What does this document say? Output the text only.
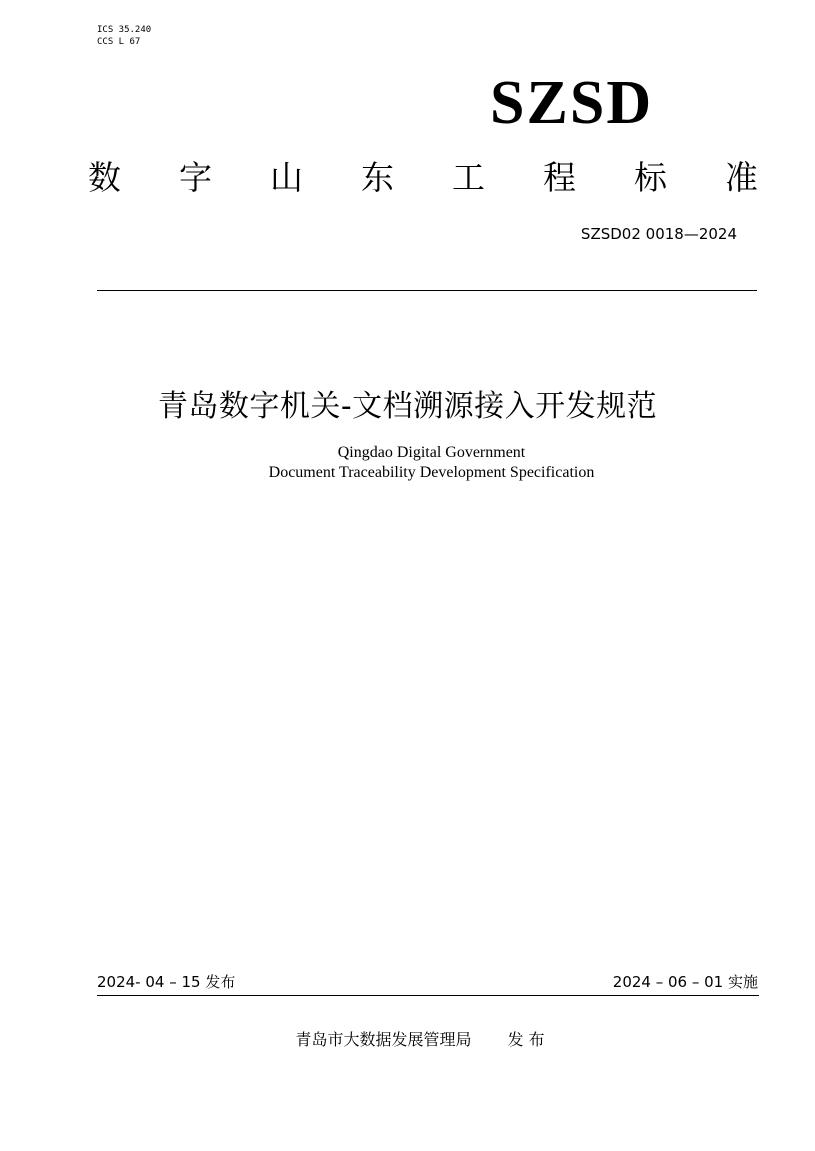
ICS 35.240
CCS L 67
SZSD
数 字 山 东 工 程 标 准
SZSD02 0018—2024
青岛数字机关-文档溯源接入开发规范
Qingdao Digital Government
Document Traceability Development Specification
2024- 04 – 15 发布	2024 – 06 – 01 实施
青岛市大数据发展管理局 发 布
